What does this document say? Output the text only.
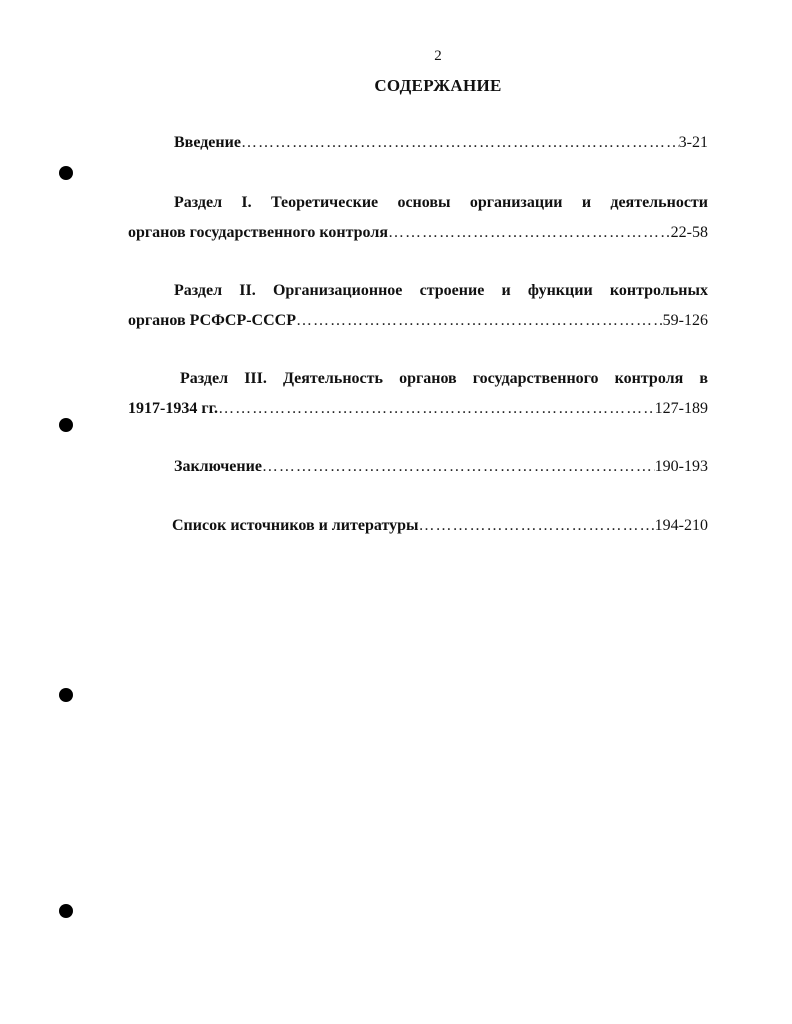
2
СОДЕРЖАНИЕ
Введение ……………………………………………………………………………………………………………………………………	3-21
Раздел I. Теоретические основы организации и деятельности
органов государственного контроля ……………………………………………………………………………………………………………………………………	22-58
Раздел II. Организационное строение и функции контрольных
органов РСФСР-СССР ……………………………………………………………………………………………………………………………………	59-126
Раздел III. Деятельность органов государственного контроля в
1917-1934 гг. ……………………………………………………………………………………………………………………………………	127-189
Заключение ……………………………………………………………………………………………………………………………………	190-193
Список источников и литературы ……………………………………………………………………………………………………………………………………	194-210
